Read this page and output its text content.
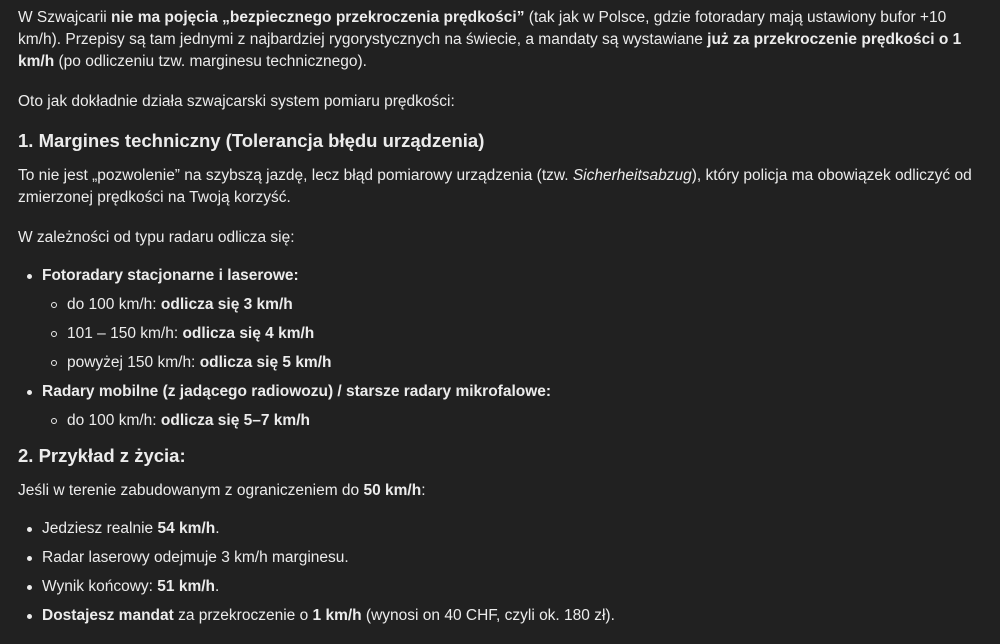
W Szwajcarii nie ma pojęcia „bezpiecznego przekroczenia prędkości” (tak jak w Polsce, gdzie fotoradary mają ustawiony bufor +10 km/h). Przepisy są tam jednymi z najbardziej rygorystycznych na świecie, a mandaty są wystawiane już za przekroczenie prędkości o 1 km/h (po odliczeniu tzw. marginesu technicznego).

Oto jak dokładnie działa szwajcarski system pomiaru prędkości:

1. Margines techniczny (Tolerancja błędu urządzenia)

To nie jest „pozwolenie” na szybszą jazdę, lecz błąd pomiarowy urządzenia (tzw. Sicherheitsabzug), który policja ma obowiązek odliczyć od zmierzonej prędkości na Twoją korzyść.

W zależności od typu radaru odlicza się:

Fotoradary stacjonarne i laserowe:
do 100 km/h: odlicza się 3 km/h
101 – 150 km/h: odlicza się 4 km/h
powyżej 150 km/h: odlicza się 5 km/h
Radary mobilne (z jadącego radiowozu) / starsze radary mikrofalowe:
do 100 km/h: odlicza się 5–7 km/h
2. Przykład z życia:

Jeśli w terenie zabudowanym z ograniczeniem do 50 km/h:

Jedziesz realnie 54 km/h.
Radar laserowy odejmuje 3 km/h marginesu.
Wynik końcowy: 51 km/h.
Dostajesz mandat za przekroczenie o 1 km/h (wynosi on 40 CHF, czyli ok. 180 zł).
